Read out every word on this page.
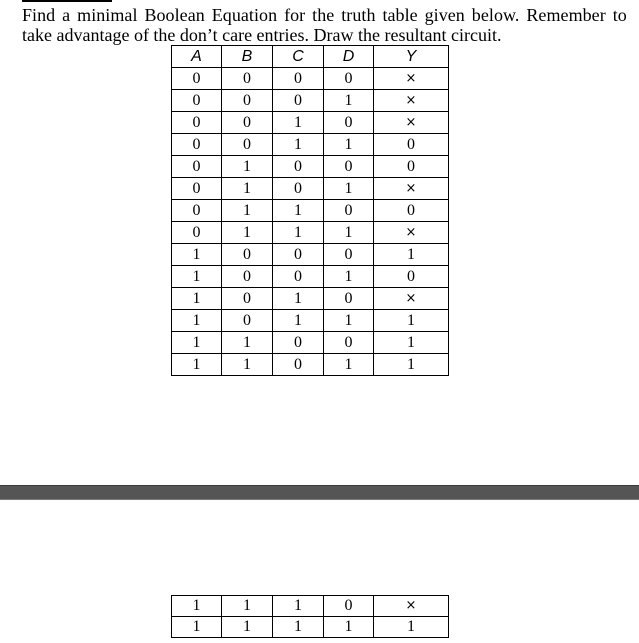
Find a minimal Boolean Equation for the truth table given below. Remember to
take advantage of the don’t care entries. Draw the resultant circuit.
A	B	C	D	Y
0	0	0	0	×
0	0	0	1	×
0	0	1	0	×
0	0	1	1	0
0	1	0	0	0
0	1	0	1	×
0	1	1	0	0
0	1	1	1	×
1	0	0	0	1
1	0	0	1	0
1	0	1	0	×
1	0	1	1	1
1	1	0	0	1
1	1	0	1	1
1	1	1	0	×
1	1	1	1	1
